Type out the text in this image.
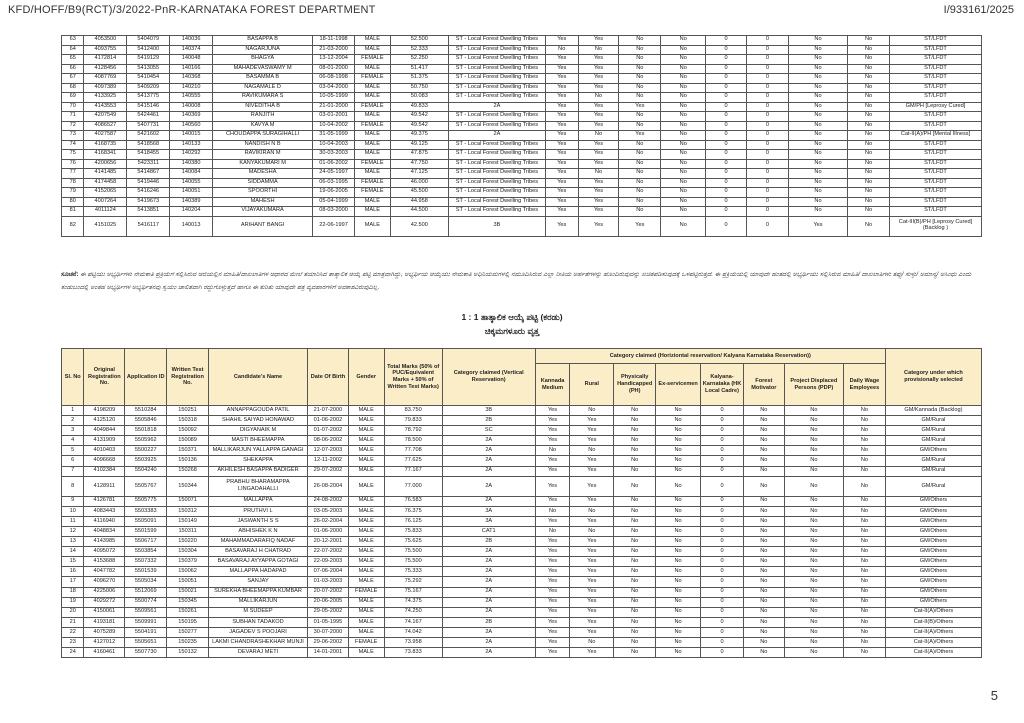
KFD/HOFF/B9(RCT)/3/2022-PnR-KARNATAKA FOREST DEPARTMENT	I/933161/2025
63	4053500	5404079	140036	BASAPPA B	18-11-1998	MALE	52.500	ST - Local Forest Dwelling Tribes	Yes	Yes	No	No	0	0	No	No	ST/LFDT
64	4093755	5412400	140374	NAGARJUNA	21-03-2000	MALE	52.333	ST - Local Forest Dwelling Tribes	No	No	No	No	0	0	No	No	ST/LFDT
65	4172814	5419129	140048	BHAGYA	13-12-2004	FEMALE	52.250	ST - Local Forest Dwelling Tribes	Yes	Yes	No	No	0	0	No	No	ST/LFDT
66	4128456	5413055	140166	MAHADEVASWAMY M	08-01-2000	MALE	51.417	ST - Local Forest Dwelling Tribes	Yes	Yes	No	No	0	0	No	No	ST/LFDT
67	4087769	5410454	140368	BASAMMA B	06-08-1998	FEMALE	51.375	ST - Local Forest Dwelling Tribes	Yes	Yes	No	No	0	0	No	No	ST/LFDT
68	4097389	5409209	140210	NAGAMALE D	03-04-2000	MALE	50.750	ST - Local Forest Dwelling Tribes	Yes	Yes	No	No	0	0	No	No	ST/LFDT
69	4133925	5413775	140555	RAVIKUMARA S	10-05-1999	MALE	50.083	ST - Local Forest Dwelling Tribes	Yes	No	No	No	0	0	No	No	ST/LFDT
70	4143553	5415146	140008	NIVEDITHA B	21-01-2000	FEMALE	49.833	2A	Yes	Yes	Yes	No	0	0	No	No	GM/PH [Leprosy Cured]
71	4207549	5424461	140369	RANJITH	03-01-2001	MALE	49.542	ST - Local Forest Dwelling Tribes	Yes	Yes	No	No	0	0	No	No	ST/LFDT
72	4086527	5407731	140560	KAVYA M	10-04-2002	FEMALE	49.542	ST - Local Forest Dwelling Tribes	Yes	Yes	No	No	0	0	No	No	ST/LFDT
73	4027587	5421602	140015	CHOUDAPPA SURAGIHALLI	31-05-1999	MALE	49.375	2A	Yes	No	Yes	No	0	0	No	No	Cat-II(A)/PH [Mental Illness]
74	4168735	5418568	140133	NANDISH N B	10-04-2003	MALE	49.125	ST - Local Forest Dwelling Tribes	Yes	Yes	No	No	0	0	No	No	ST/LFDT
75	4168341	5418455	140292	RAVIKIRAN M	30-03-2003	MALE	47.875	ST - Local Forest Dwelling Tribes	Yes	Yes	No	No	0	0	No	No	ST/LFDT
76	4200656	5423311	140380	KANYAKUMARI M	01-06-2002	FEMALE	47.750	ST - Local Forest Dwelling Tribes	Yes	Yes	No	No	0	0	No	No	ST/LFDT
77	4141485	5414867	140084	MADESHA	24-05-1997	MALE	47.125	ST - Local Forest Dwelling Tribes	Yes	No	No	No	0	0	No	No	ST/LFDT
78	4174458	5419446	140055	SIDDAMMA	06-03-1995	FEMALE	46.000	ST - Local Forest Dwelling Tribes	Yes	Yes	No	No	0	0	No	No	ST/LFDT
79	4152065	5416246	140051	SPOORTHI	19-06-2005	FEMALE	45.500	ST - Local Forest Dwelling Tribes	Yes	Yes	No	No	0	0	No	No	ST/LFDT
80	4007264	5419673	140389	MAHESH	05-04-1999	MALE	44.958	ST - Local Forest Dwelling Tribes	Yes	Yes	No	No	0	0	No	No	ST/LFDT
81	4011124	5413851	140204	VIJAYAKUMARA	08-03-2000	MALE	44.500	ST - Local Forest Dwelling Tribes	Yes	Yes	No	No	0	0	No	No	ST/LFDT
82	4151025	5416117	140013	ARIHANT BANGI	22-06-1997	MALE	42.500	3B	Yes	Yes	Yes	No	0	0	Yes	No	Cat-III(B)/PH [Leprosy Cured] (Backlog )
ಸೂಚನೆ: ಈ ಪಟ್ಟಿಯು ಅಭ್ಯರ್ಥಿಗಳು ನೇಮಕಾತಿ ಪ್ರಕ್ರಿಯೆಗೆ ಸಲ್ಲಿಸಿರುವ ಆಜಿಯಲ್ಲಿನ ಮಾಹಿತಿ/ದಾಖಲಾತಿಗಳ ಆಧಾರದ ಮೇಲೆ ತಯಾರಿಸಿದ ತಾತ್ಕಾಲಿಕ ಆಯ್ಕೆ ಪಟ್ಟಿ ಮಾತ್ರವಾಗಿದ್ದು, ಅಭ್ಯರ್ಥಿಯ ಆಯ್ಕೆಯು ನೇಮಕಾತಿ ಅಧಿನಿಯಮಗಳಲ್ಲಿ ನಮೂದಿಸಿರುವ ಎಲ್ಲಾ ರೀತಿಯ ಅರ್ಹತೆಗಳನ್ನು ಹೊಂದಿರುವುದನ್ನು ಖಚಿತಪಡಿಸುವುದಕ್ಕೆ ಒಳಪಟ್ಟಿರುತ್ತದೆ. ಈ ಪ್ರಕ್ರಿಯೆಯಲ್ಲಿ ಯಾವುದೇ ಹಂತದಲ್ಲಿ ಅಭ್ಯರ್ಥಿಯು ಸಲ್ಲಿಸಿರುವ ಮಾಹಿತಿ/ ದಾಖಲಾತಿಗಳು ತಪ್ಪು/ ಸುಳ್ಳು/ ಅಮಾನ್ಯ/ ಅಸಿಂಧು ಎಂದು ಕಂಡುಬಂದಲ್ಲಿ ಅಂತಹ ಅಭ್ಯರ್ಥಿಗಳ ಅಭ್ಯರ್ಥಿತನವು ಸ್ವಯಂ ಚಾಲಿತವಾಗಿ ರದ್ದುಗೊಳ್ಳುತ್ತದೆ ಹಾಗೂ ಈ ಕುರಿತು ಯಾವುದೇ ಪತ್ರ ವ್ಯವಹಾರಗಳಿಗೆ ಅವಕಾಶವಿರುವುದಿಲ್ಲ.
1 : 1 ತಾತ್ಕಾಲಿಕ ಆಯ್ಕೆ ಪಟ್ಟಿ (ಕರಡು)
ಚಿಕ್ಕಮಗಳೂರು ವೃತ್ತ
Sl. No	Original Registration No.	Application ID	Written Test Registration No.	Candidate's Name	Date Of Birth	Gender	Total Marks (50% of PUC/Equivalent Marks + 50% of Written Test Marks)	Category claimed (Vertical Reservation)	Category claimed (Horiziontal reservation/ Kalyana Karnataka Reservation))								Category under which provisionally selected
									Kannada Medium	Rural	Physically Handicapped (PH)	Ex-servicemen	Kalyana-Karnataka (HK Local Cadre)	Forest Motivator	Project Displaced Persons (PDP)	Daily Wage Employees	
1	4198209	5510284	150251	ANNAPPAGOUDA PATIL	21-07-2000	MALE	83.750	3B	Yes	No	No	No	0	No	No	No	GM/Kannada (Backlog)
2	4125120	5505846	150318	SHAHIL SAIYAD HONAWAD	01-06-2002	MALE	79.833	2B	Yes	Yes	No	No	0	No	No	No	GM/Rural
3	4049844	5501818	150092	DIGYANAIK M	01-07-2002	MALE	78.792	SC	Yes	Yes	No	No	0	No	No	No	GM/Rural
4	4131909	5505962	150089	MASTI BHEEMAPPA	08-06-2002	MALE	78.500	2A	Yes	Yes	No	No	0	No	No	No	GM/Rural
5	4010403	5500227	150371	MALLIKARJUN YALLAPPA GANAGI	12-07-2003	MALE	77.708	2A	No	No	No	No	0	No	No	No	GM/Others
6	4096668	5503925	150136	SHEKAPPA	12-11-2002	MALE	77.625	2A	Yes	Yes	No	No	0	No	No	No	GM/Rural
7	4102384	5504240	150268	AKHILESH BASAPPA BADIGER	29-07-2002	MALE	77.167	2A	Yes	Yes	No	No	0	No	No	No	GM/Rural
8	4128911	5505767	150344	PRABHU BHARAMAPPA LINGADAHALLI	26-08-2004	MALE	77.000	2A	Yes	Yes	No	No	0	No	No	No	GM/Rural
9	4126781	5505775	150071	MALLAPPA	24-08-2002	MALE	76.583	2A	Yes	Yes	No	No	0	No	No	No	GM/Others
10	4083443	5503383	150312	PRUTHVI L	03-05-2003	MALE	76.375	3A	No	No	No	No	0	No	No	No	GM/Others
11	4116940	5505091	150149	JASWANTH S S	26-02-2004	MALE	76.125	3A	Yes	Yes	No	No	0	No	No	No	GM/Others
12	4048834	5501599	150311	ABHISHEK K N	01-06-2000	MALE	75.833	CAT1	No	No	No	No	0	No	No	No	GM/Others
13	4143985	5506717	150220	MAHAMMADARAFIQ NADAF	20-12-2001	MALE	75.625	2B	Yes	Yes	No	No	0	No	No	No	GM/Others
14	4095072	5503854	150304	BASAVARAJ H CHATRAD	22-07-2002	MALE	75.500	2A	Yes	Yes	No	No	0	No	No	No	GM/Others
15	4153688	5507332	150379	BASAVARAJ AYYAPPA GOTAGI	22-09-2003	MALE	75.500	2A	Yes	Yes	No	No	0	No	No	No	GM/Others
16	4047782	5501539	150062	MALLAPPA HADAPAD	07-06-2004	MALE	75.333	2A	Yes	Yes	No	No	0	No	No	No	GM/Others
17	4096270	5505034	150051	SANJAY	01-03-2003	MALE	75.292	2A	Yes	Yes	No	No	0	No	No	No	GM/Others
18	4225006	5512069	150021	SUREKHA BHEEMAPPA KUMBAR	20-07-2002	FEMALE	75.167	2A	Yes	Yes	No	No	0	No	No	No	GM/Others
19	4029272	5500774	150345	MALLIKARJUN	20-06-2005	MALE	74.375	2A	Yes	Yes	No	No	0	No	No	No	GM/Others
20	4150061	5509561	150261	M SUDEEP	29-05-2002	MALE	74.250	2A	Yes	Yes	No	No	0	No	No	No	Cat-II(A)/Others
21	4193181	5509991	150195	SUBHAN TADAKOD	01-05-1995	MALE	74.167	2B	Yes	Yes	No	No	0	No	No	No	Cat-II(B)/Others
22	4075289	5504191	150277	JAGADEV S POOJARI	30-07-2000	MALE	74.042	2A	Yes	Yes	No	No	0	No	No	No	Cat-II(A)/Others
23	4127012	5505651	150235	LAKMI CHANDRASHEKHAR MUNJI	29-06-2002	FEMALE	73.958	2A	Yes	No	No	No	0	No	No	No	Cat-II(A)/Others
24	4160461	5507730	150132	DEVARAJ METI	14-01-2001	MALE	73.833	2A	Yes	Yes	No	No	0	No	No	No	Cat-II(A)/Others
5
